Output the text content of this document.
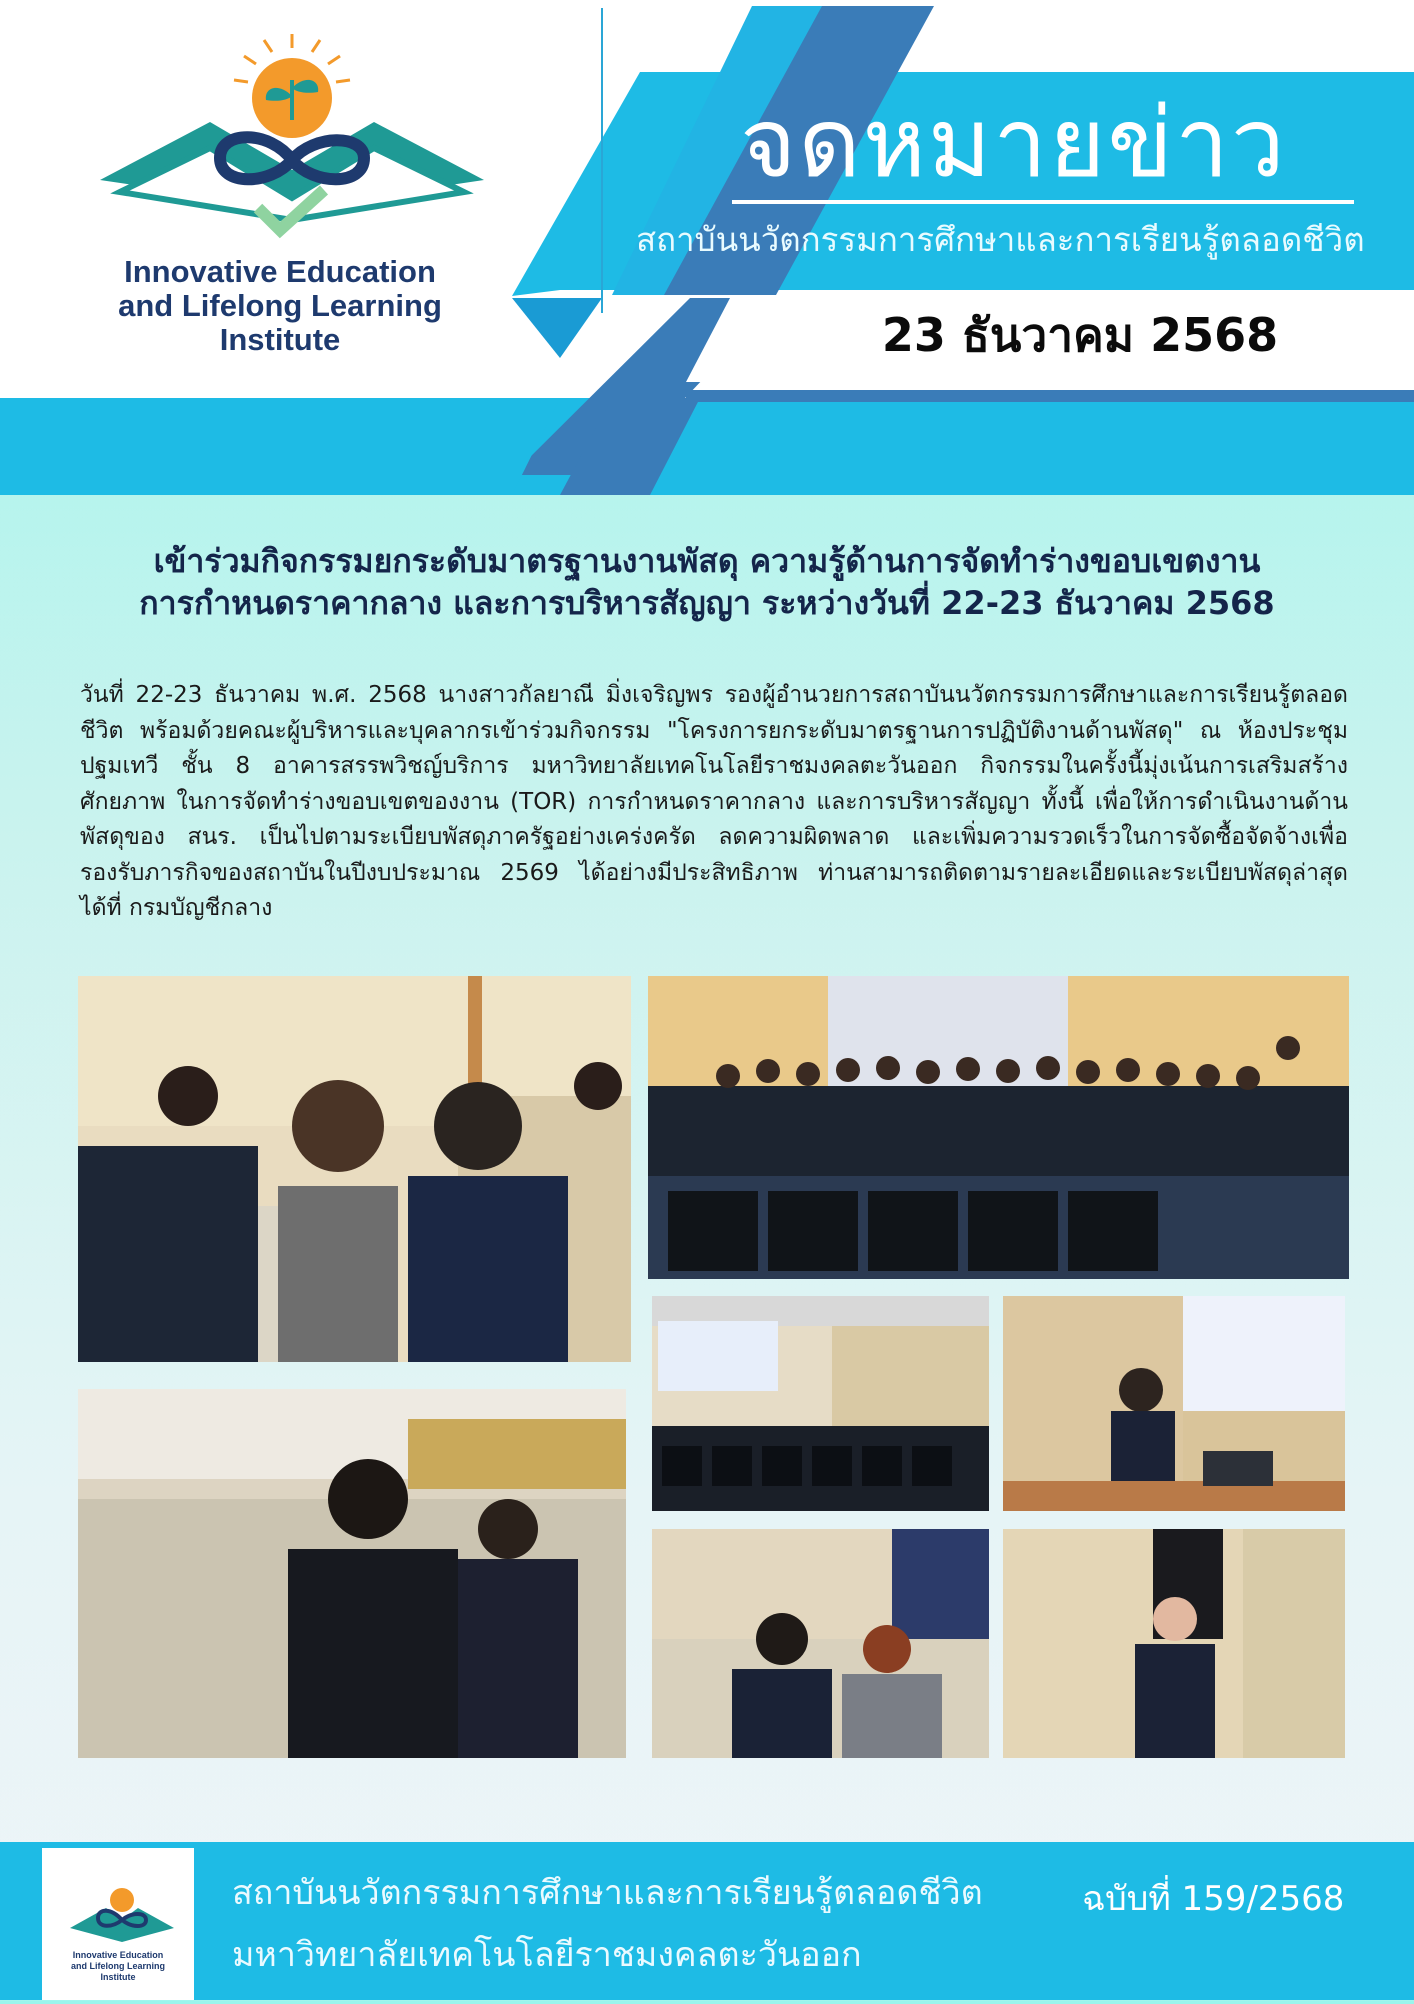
Innovative Education
and Lifelong Learning
Institute
จดหมายข่าว
สถาบันนวัตกรรมการศึกษาและการเรียนรู้ตลอดชีวิต
23 ธันวาคม 2568
เข้าร่วมกิจกรรมยกระดับมาตรฐานงานพัสดุ ความรู้ด้านการจัดทำร่างขอบเขตงาน
การกำหนดราคากลาง และการบริหารสัญญา ระหว่างวันที่ 22-23 ธันวาคม 2568
วันที่ 22-23 ธันวาคม พ.ศ. 2568 นางสาวกัลยาณี มิ่งเจริญพร รองผู้อำนวยการสถาบันนวัตกรรมการศึกษาและการเรียนรู้ตลอดชีวิต พร้อมด้วยคณะผู้บริหารและบุคลากรเข้าร่วมกิจกรรม "โครงการยกระดับมาตรฐานการปฏิบัติงานด้านพัสดุ" ณ ห้องประชุมปฐมเทวี ชั้น 8 อาคารสรรพวิชญ์บริการ มหาวิทยาลัยเทคโนโลยีราชมงคลตะวันออก กิจกรรมในครั้งนี้มุ่งเน้นการเสริมสร้างศักยภาพ ในการจัดทำร่างขอบเขตของงาน (TOR) การกำหนดราคากลาง และการบริหารสัญญา ทั้งนี้ เพื่อให้การดำเนินงานด้านพัสดุของ สนร. เป็นไปตามระเบียบพัสดุภาครัฐอย่างเคร่งครัด ลดความผิดพลาด และเพิ่มความรวดเร็วในการจัดซื้อจัดจ้างเพื่อรองรับภารกิจของสถาบันในปีงบประมาณ 2569 ได้อย่างมีประสิทธิภาพ ท่านสามารถติดตามรายละเอียดและระเบียบพัสดุล่าสุดได้ที่ กรมบัญชีกลาง
Innovative Education
and Lifelong Learning
Institute
สถาบันนวัตกรรมการศึกษาและการเรียนรู้ตลอดชีวิต
มหาวิทยาลัยเทคโนโลยีราชมงคลตะวันออก
ฉบับที่ 159/2568
